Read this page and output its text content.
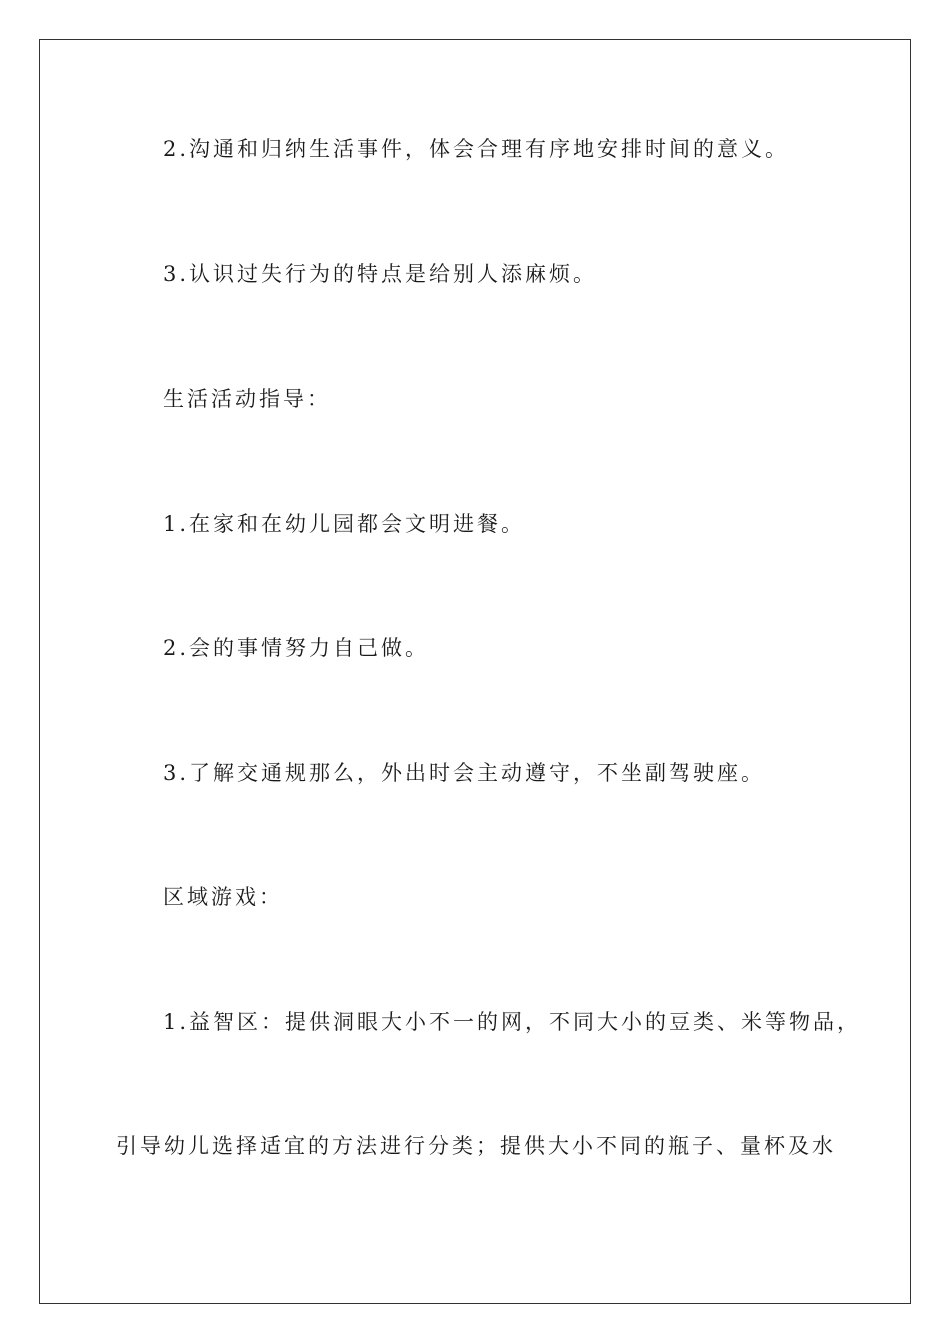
2.沟通和归纳生活事件，体会合理有序地安排时间的意义。
3.认识过失行为的特点是给别人添麻烦。
生活活动指导：
1.在家和在幼儿园都会文明进餐。
2.会的事情努力自己做。
3.了解交通规那么，外出时会主动遵守，不坐副驾驶座。
区域游戏：
1.益智区：提供洞眼大小不一的网，不同大小的豆类、米等物品，
引导幼儿选择适宜的方法进行分类；提供大小不同的瓶子、量杯及水
